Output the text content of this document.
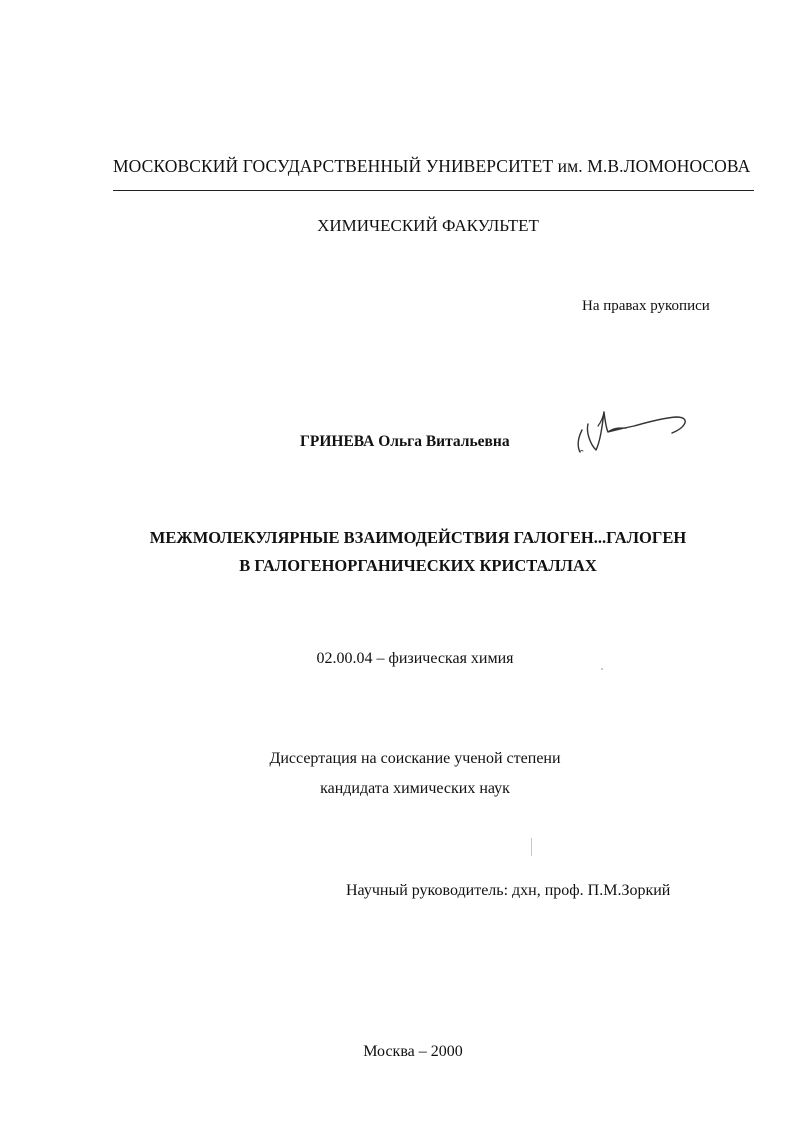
МОСКОВСКИЙ ГОСУДАРСТВЕННЫЙ УНИВЕРСИТЕТ им. М.В.ЛОМОНОСОВА
ХИМИЧЕСКИЙ ФАКУЛЬТЕТ
На правах рукописи
ГРИНЕВА Ольга Витальевна
МЕЖМОЛЕКУЛЯРНЫЕ ВЗАИМОДЕЙСТВИЯ ГАЛОГЕН...ГАЛОГЕН
В ГАЛОГЕНОРГАНИЧЕСКИХ КРИСТАЛЛАХ
02.00.04 – физическая химия
Диссертация на соискание ученой степени
кандидата химических наук
Научный руководитель: дхн, проф. П.М.Зоркий
Москва – 2000
